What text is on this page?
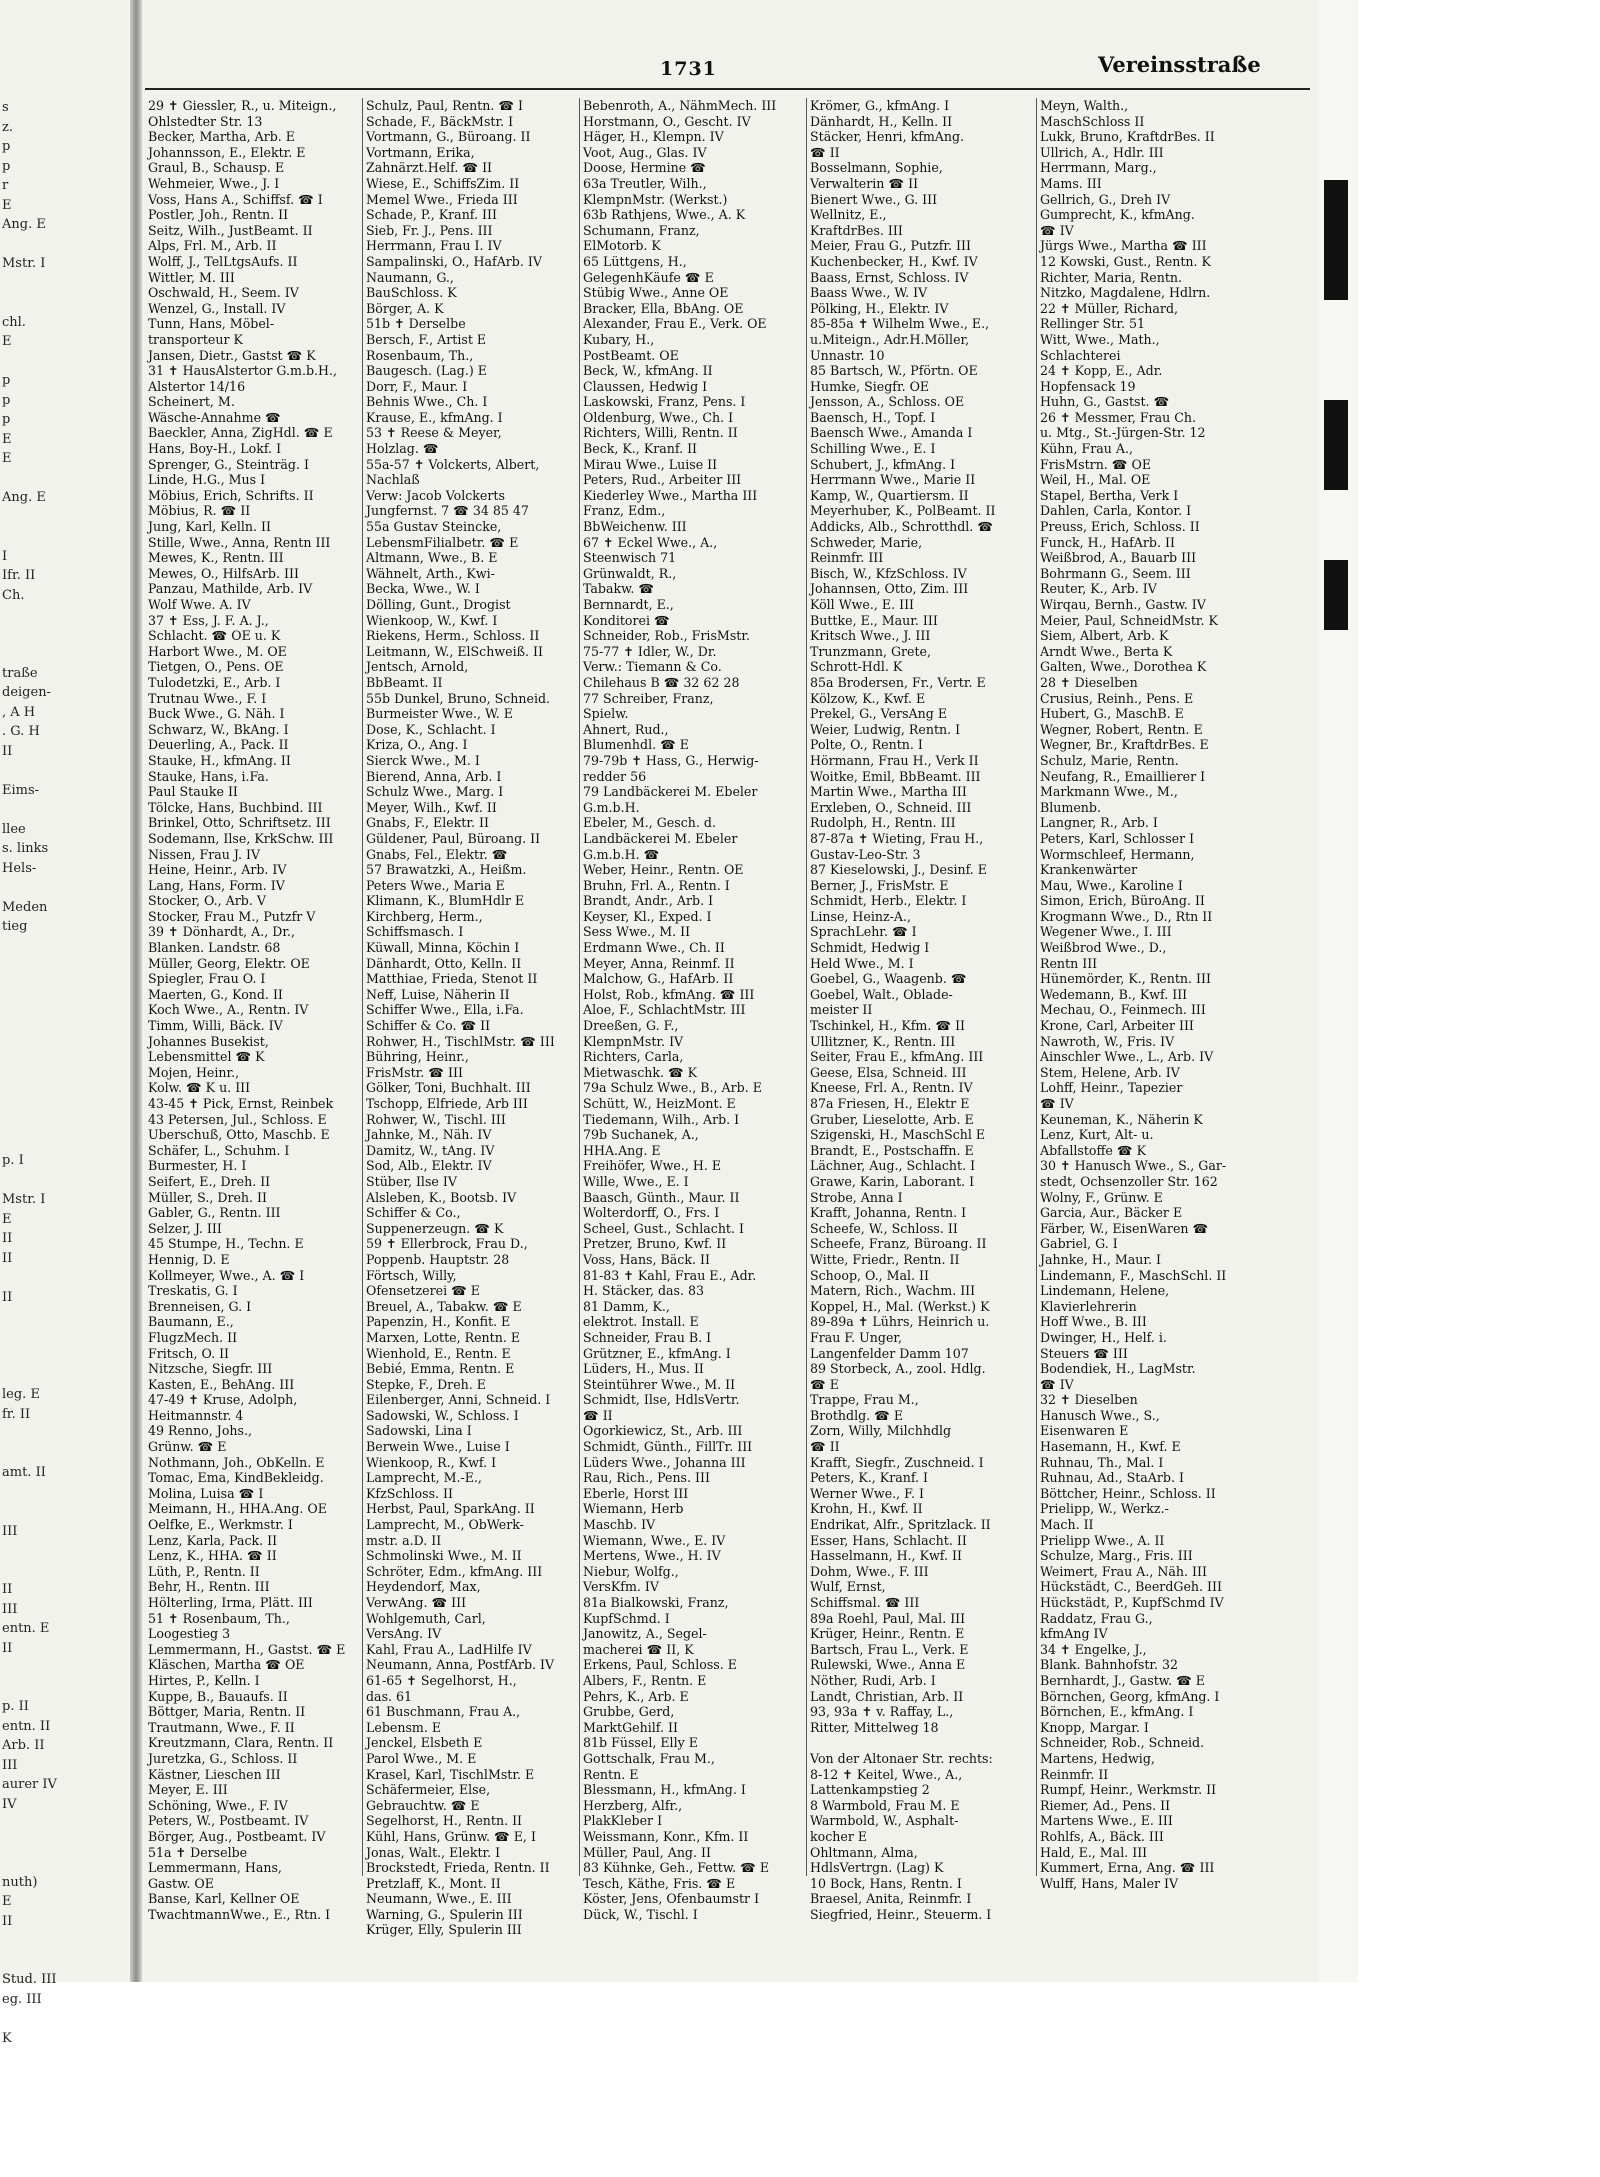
s
z.
p
p
r
E
Ang. E
Mstr. I
chl.
E
p
p
p
E
E
Ang. E
I
Ifr. II
Ch.
traße
deigen-
, A H
. G. H
II
Eims-
llee
s. links
Hels-
Meden
tieg
p. I
Mstr. I
E
II
II
II
leg. E
fr. II
amt. II
III
II
III
entn. E
II
p. II
entn. II
Arb. II
III
aurer IV
IV
nuth)
E
II
Stud. III
eg. III
K
1731	Vereinsstraße
29 ✝ Giessler, R., u. Miteign.,
Ohlstedter Str. 13
Becker, Martha, Arb. E
Johannsson, E., Elektr. E
Graul, B., Schausp. E
Wehmeier, Wwe., J. I
Voss, Hans A., Schiffsf. ☎ I
Postler, Joh., Rentn. II
Seitz, Wilh., JustBeamt. II
Alps, Frl. M., Arb. II
Wolff, J., TelLtgsAufs. II
Wittler, M. III
Oschwald, H., Seem. IV
Wenzel, G., Install. IV
Tunn, Hans, Möbel-
transporteur K
Jansen, Dietr., Gastst ☎ K
31 ✝ HausAlstertor G.m.b.H.,
Alstertor 14/16
Scheinert, M.
Wäsche-Annahme ☎
Baeckler, Anna, ZigHdl. ☎ E
Hans, Boy-H., Lokf. I
Sprenger, G., Steinträg. I
Linde, H.G., Mus I
Möbius, Erich, Schrifts. II
Möbius, R. ☎ II
Jung, Karl, Kelln. II
Stille, Wwe., Anna, Rentn III
Mewes, K., Rentn. III
Mewes, O., HilfsArb. III
Panzau, Mathilde, Arb. IV
Wolf Wwe. A. IV
37 ✝ Ess, J. F. A. J.,
Schlacht. ☎ OE u. K
Harbort Wwe., M. OE
Tietgen, O., Pens. OE
Tulodetzki, E., Arb. I
Trutnau Wwe., F. I
Buck Wwe., G. Näh. I
Schwarz, W., BkAng. I
Deuerling, A., Pack. II
Stauke, H., kfmAng. II
Stauke, Hans, i.Fa.
Paul Stauke II
Tölcke, Hans, Buchbind. III
Brinkel, Otto, Schriftsetz. III
Sodemann, Ilse, KrkSchw. III
Nissen, Frau J. IV
Heine, Heinr., Arb. IV
Lang, Hans, Form. IV
Stocker, O., Arb. V
Stocker, Frau M., Putzfr V
39 ✝ Dönhardt, A., Dr.,
Blanken. Landstr. 68
Müller, Georg, Elektr. OE
Spiegler, Frau O. I
Maerten, G., Kond. II
Koch Wwe., A., Rentn. IV
Timm, Willi, Bäck. IV
Johannes Busekist,
Lebensmittel ☎ K
Mojen, Heinr.,
Kolw. ☎ K u. III
43-45 ✝ Pick, Ernst, Reinbek
43 Petersen, Jul., Schloss. E
Uberschuß, Otto, Maschb. E
Schäfer, L., Schuhm. I
Burmester, H. I
Seifert, E., Dreh. II
Müller, S., Dreh. II
Gabler, G., Rentn. III
Selzer, J. III
45 Stumpe, H., Techn. E
Hennig, D. E
Kollmeyer, Wwe., A. ☎ I
Treskatis, G. I
Brenneisen, G. I
Baumann, E.,
FlugzMech. II
Fritsch, O. II
Nitzsche, Siegfr. III
Kasten, E., BehAng. III
47-49 ✝ Kruse, Adolph,
Heitmannstr. 4
49 Renno, Johs.,
Grünw. ☎ E
Nothmann, Joh., ObKelln. E
Tomac, Ema, KindBekleidg.
Molina, Luisa ☎ I
Meimann, H., HHA.Ang. OE
Oelfke, E., Werkmstr. I
Lenz, Karla, Pack. II
Lenz, K., HHA. ☎ II
Lüth, P., Rentn. II
Behr, H., Rentn. III
Hölterling, Irma, Plätt. III
51 ✝ Rosenbaum, Th.,
Loogestieg 3
Lemmermann, H., Gastst. ☎ E
Kläschen, Martha ☎ OE
Hirtes, P., Kelln. I
Kuppe, B., Bauaufs. II
Böttger, Maria, Rentn. II
Trautmann, Wwe., F. II
Kreutzmann, Clara, Rentn. II
Juretzka, G., Schloss. II
Kästner, Lieschen III
Meyer, E. III
Schöning, Wwe., F. IV
Peters, W., Postbeamt. IV
Börger, Aug., Postbeamt. IV
51a ✝ Derselbe
Lemmermann, Hans,
Gastw. OE
Banse, Karl, Kellner OE
TwachtmannWwe., E., Rtn. I
Schulz, Paul, Rentn. ☎ I
Schade, F., BäckMstr. I
Vortmann, G., Büroang. II
Vortmann, Erika,
Zahnärzt.Helf. ☎ II
Wiese, E., SchiffsZim. II
Memel Wwe., Frieda III
Schade, P., Kranf. III
Sieb, Fr. J., Pens. III
Herrmann, Frau I. IV
Sampalinski, O., HafArb. IV
Naumann, G.,
BauSchloss. K
Börger, A. K
51b ✝ Derselbe
Bersch, F., Artist E
Rosenbaum, Th.,
Baugesch. (Lag.) E
Dorr, F., Maur. I
Behnis Wwe., Ch. I
Krause, E., kfmAng. I
53 ✝ Reese & Meyer,
Holzlag. ☎
55a-57 ✝ Volckerts, Albert,
Nachlaß
Verw: Jacob Volckerts
Jungfernst. 7 ☎ 34 85 47
55a Gustav Steincke,
LebensmFilialbetr. ☎ E
Altmann, Wwe., B. E
Wähnelt, Arth., Kwi-
Becka, Wwe., W. I
Dölling, Gunt., Drogist
Wienkoop, W., Kwf. I
Riekens, Herm., Schloss. II
Leitmann, W., ElSchweiß. II
Jentsch, Arnold,
BbBeamt. II
55b Dunkel, Bruno, Schneid.
Burmeister Wwe., W. E
Dose, K., Schlacht. I
Kriza, O., Ang. I
Sierck Wwe., M. I
Bierend, Anna, Arb. I
Schulz Wwe., Marg. I
Meyer, Wilh., Kwf. II
Gnabs, F., Elektr. II
Güldener, Paul, Büroang. II
Gnabs, Fel., Elektr. ☎
57 Brawatzki, A., Heißm.
Peters Wwe., Maria E
Klimann, K., BlumHdlr E
Kirchberg, Herm.,
Schiffsmasch. I
Küwall, Minna, Köchin I
Dänhardt, Otto, Kelln. II
Matthiae, Frieda, Stenot II
Neff, Luise, Näherin II
Schiffer Wwe., Ella, i.Fa.
Schiffer & Co. ☎ II
Rohwer, H., TischlMstr. ☎ III
Bühring, Heinr.,
FrisMstr. ☎ III
Gölker, Toni, Buchhalt. III
Tschopp, Elfriede, Arb III
Rohwer, W., Tischl. III
Jahnke, M., Näh. IV
Damitz, W., tAng. IV
Sod, Alb., Elektr. IV
Stüber, Ilse IV
Alsleben, K., Bootsb. IV
Schiffer & Co.,
Suppenerzeugn. ☎ K
59 ✝ Ellerbrock, Frau D.,
Poppenb. Hauptstr. 28
Förtsch, Willy,
Ofensetzerei ☎ E
Breuel, A., Tabakw. ☎ E
Papenzin, H., Konfit. E
Marxen, Lotte, Rentn. E
Wienhold, E., Rentn. E
Bebié, Emma, Rentn. E
Stepke, F., Dreh. E
Eilenberger, Anni, Schneid. I
Sadowski, W., Schloss. I
Sadowski, Lina I
Berwein Wwe., Luise I
Wienkoop, R., Kwf. I
Lamprecht, M.-E.,
KfzSchloss. II
Herbst, Paul, SparkAng. II
Lamprecht, M., ObWerk-
mstr. a.D. II
Schmolinski Wwe., M. II
Schröter, Edm., kfmAng. III
Heydendorf, Max,
VerwAng. ☎ III
Wohlgemuth, Carl,
VersAng. IV
Kahl, Frau A., LadHilfe IV
Neumann, Anna, PostfArb. IV
61-65 ✝ Segelhorst, H.,
das. 61
61 Buschmann, Frau A.,
Lebensm. E
Jenckel, Elsbeth E
Parol Wwe., M. E
Krasel, Karl, TischlMstr. E
Schäfermeier, Else,
Gebrauchtw. ☎ E
Segelhorst, H., Rentn. II
Kühl, Hans, Grünw. ☎ E, I
Jonas, Walt., Elektr. I
Brockstedt, Frieda, Rentn. II
Pretzlaff, K., Mont. II
Neumann, Wwe., E. III
Warning, G., Spulerin III
Krüger, Elly, Spulerin III
Bebenroth, A., NähmMech. III
Horstmann, O., Gescht. IV
Häger, H., Klempn. IV
Voot, Aug., Glas. IV
Doose, Hermine ☎
63a Treutler, Wilh.,
KlempnMstr. (Werkst.)
63b Rathjens, Wwe., A. K
Schumann, Franz,
ElMotorb. K
65 Lüttgens, H.,
GelegenhKäufe ☎ E
Stübig Wwe., Anne OE
Bracker, Ella, BbAng. OE
Alexander, Frau E., Verk. OE
Kubary, H.,
PostBeamt. OE
Beck, W., kfmAng. II
Claussen, Hedwig I
Laskowski, Franz, Pens. I
Oldenburg, Wwe., Ch. I
Richters, Willi, Rentn. II
Beck, K., Kranf. II
Mirau Wwe., Luise II
Peters, Rud., Arbeiter III
Kiederley Wwe., Martha III
Franz, Edm.,
BbWeichenw. III
67 ✝ Eckel Wwe., A.,
Steenwisch 71
Grünwaldt, R.,
Tabakw. ☎
Bernnardt, E.,
Konditorei ☎
Schneider, Rob., FrisMstr.
75-77 ✝ Idler, W., Dr.
Verw.: Tiemann & Co.
Chilehaus B ☎ 32 62 28
77 Schreiber, Franz,
Spielw.
Ahnert, Rud.,
Blumenhdl. ☎ E
79-79b ✝ Hass, G., Herwig-
redder 56
79 Landbäckerei M. Ebeler
G.m.b.H.
Ebeler, M., Gesch. d.
Landbäckerei M. Ebeler
G.m.b.H. ☎
Weber, Heinr., Rentn. OE
Bruhn, Frl. A., Rentn. I
Brandt, Andr., Arb. I
Keyser, Kl., Exped. I
Sess Wwe., M. II
Erdmann Wwe., Ch. II
Meyer, Anna, Reinmf. II
Malchow, G., HafArb. II
Holst, Rob., kfmAng. ☎ III
Aloe, F., SchlachtMstr. III
Dreeßen, G. F.,
KlempnMstr. IV
Richters, Carla,
Mietwaschk. ☎ K
79a Schulz Wwe., B., Arb. E
Schütt, W., HeizMont. E
Tiedemann, Wilh., Arb. I
79b Suchanek, A.,
HHA.Ang. E
Freihöfer, Wwe., H. E
Wille, Wwe., E. I
Baasch, Günth., Maur. II
Wolterdorff, O., Frs. I
Scheel, Gust., Schlacht. I
Pretzer, Bruno, Kwf. II
Voss, Hans, Bäck. II
81-83 ✝ Kahl, Frau E., Adr.
H. Stäcker, das. 83
81 Damm, K.,
elektrot. Install. E
Schneider, Frau B. I
Grützner, E., kfmAng. I
Lüders, H., Mus. II
Steintührer Wwe., M. II
Schmidt, Ilse, HdlsVertr.
☎ II
Ogorkiewicz, St., Arb. III
Schmidt, Günth., FillTr. III
Lüders Wwe., Johanna III
Rau, Rich., Pens. III
Eberle, Horst III
Wiemann, Herb
Maschb. IV
Wiemann, Wwe., E. IV
Mertens, Wwe., H. IV
Niebur, Wolfg.,
VersKfm. IV
81a Bialkowski, Franz,
KupfSchmd. I
Janowitz, A., Segel-
macherei ☎ II, K
Erkens, Paul, Schloss. E
Albers, F., Rentn. E
Pehrs, K., Arb. E
Grubbe, Gerd,
MarktGehilf. II
81b Füssel, Elly E
Gottschalk, Frau M.,
Rentn. E
Blessmann, H., kfmAng. I
Herzberg, Alfr.,
PlakKleber I
Weissmann, Konr., Kfm. II
Müller, Paul, Ang. II
83 Kühnke, Geh., Fettw. ☎ E
Tesch, Käthe, Fris. ☎ E
Köster, Jens, Ofenbaumstr I
Dück, W., Tischl. I
Krömer, G., kfmAng. I
Dänhardt, H., Kelln. II
Stäcker, Henri, kfmAng.
☎ II
Bosselmann, Sophie,
Verwalterin ☎ II
Bienert Wwe., G. III
Wellnitz, E.,
KraftdrBes. III
Meier, Frau G., Putzfr. III
Kuchenbecker, H., Kwf. IV
Baass, Ernst, Schloss. IV
Baass Wwe., W. IV
Pölking, H., Elektr. IV
85-85a ✝ Wilhelm Wwe., E.,
u.Miteign., Adr.H.Möller,
Unnastr. 10
85 Bartsch, W., Pförtn. OE
Humke, Siegfr. OE
Jensson, A., Schloss. OE
Baensch, H., Topf. I
Baensch Wwe., Amanda I
Schilling Wwe., E. I
Schubert, J., kfmAng. I
Herrmann Wwe., Marie II
Kamp, W., Quartiersm. II
Meyerhuber, K., PolBeamt. II
Addicks, Alb., Schrotthdl. ☎
Schweder, Marie,
Reinmfr. III
Bisch, W., KfzSchloss. IV
Johannsen, Otto, Zim. III
Köll Wwe., E. III
Buttke, E., Maur. III
Kritsch Wwe., J. III
Trunzmann, Grete,
Schrott-Hdl. K
85a Brodersen, Fr., Vertr. E
Kölzow, K., Kwf. E
Prekel, G., VersAng E
Weier, Ludwig, Rentn. I
Polte, O., Rentn. I
Hörmann, Frau H., Verk II
Woitke, Emil, BbBeamt. III
Martin Wwe., Martha III
Erxleben, O., Schneid. III
Rudolph, H., Rentn. III
87-87a ✝ Wieting, Frau H.,
Gustav-Leo-Str. 3
87 Kieselowski, J., Desinf. E
Berner, J., FrisMstr. E
Schmidt, Herb., Elektr. I
Linse, Heinz-A.,
SprachLehr. ☎ I
Schmidt, Hedwig I
Held Wwe., M. I
Goebel, G., Waagenb. ☎
Goebel, Walt., Oblade-
meister II
Tschinkel, H., Kfm. ☎ II
Ullitzner, K., Rentn. III
Seiter, Frau E., kfmAng. III
Geese, Elsa, Schneid. III
Kneese, Frl. A., Rentn. IV
87a Friesen, H., Elektr E
Gruber, Lieselotte, Arb. E
Szigenski, H., MaschSchl E
Brandt, E., Postschaffn. E
Lächner, Aug., Schlacht. I
Grawe, Karin, Laborant. I
Strobe, Anna I
Krafft, Johanna, Rentn. I
Scheefe, W., Schloss. II
Scheefe, Franz, Büroang. II
Witte, Friedr., Rentn. II
Schoop, O., Mal. II
Matern, Rich., Wachm. III
Koppel, H., Mal. (Werkst.) K
89-89a ✝ Lührs, Heinrich u.
Frau F. Unger,
Langenfelder Damm 107
89 Storbeck, A., zool. Hdlg.
☎ E
Trappe, Frau M.,
Brothdlg. ☎ E
Zorn, Willy, Milchhdlg
☎ II
Krafft, Siegfr., Zuschneid. I
Peters, K., Kranf. I
Werner Wwe., F. I
Krohn, H., Kwf. II
Endrikat, Alfr., Spritzlack. II
Esser, Hans, Schlacht. II
Hasselmann, H., Kwf. II
Dohm, Wwe., F. III
Wulf, Ernst,
Schiffsmal. ☎ III
89a Roehl, Paul, Mal. III
Krüger, Heinr., Rentn. E
Bartsch, Frau L., Verk. E
Rulewski, Wwe., Anna E
Nöther, Rudi, Arb. I
Landt, Christian, Arb. II
93, 93a ✝ v. Raffay, L.,
Ritter, Mittelweg 18

Von der Altonaer Str. rechts:
8-12 ✝ Keitel, Wwe., A.,
Lattenkampstieg 2
8 Warmbold, Frau M. E
Warmbold, W., Asphalt-
kocher E
Ohltmann, Alma,
HdlsVertrgn. (Lag) K
10 Bock, Hans, Rentn. I
Braesel, Anita, Reinmfr. I
Siegfried, Heinr., Steuerm. I
Meyn, Walth.,
MaschSchloss II
Lukk, Bruno, KraftdrBes. II
Ullrich, A., Hdlr. III
Herrmann, Marg.,
Mams. III
Gellrich, G., Dreh IV
Gumprecht, K., kfmAng.
☎ IV
Jürgs Wwe., Martha ☎ III
12 Kowski, Gust., Rentn. K
Richter, Maria, Rentn.
Nitzko, Magdalene, Hdlrn.
22 ✝ Müller, Richard,
Rellinger Str. 51
Witt, Wwe., Math.,
Schlachterei
24 ✝ Kopp, E., Adr.
Hopfensack 19
Huhn, G., Gastst. ☎
26 ✝ Messmer, Frau Ch.
u. Mtg., St.-Jürgen-Str. 12
Kühn, Frau A.,
FrisMstrn. ☎ OE
Weil, H., Mal. OE
Stapel, Bertha, Verk I
Dahlen, Carla, Kontor. I
Preuss, Erich, Schloss. II
Funck, H., HafArb. II
Weißbrod, A., Bauarb III
Bohrmann G., Seem. III
Reuter, K., Arb. IV
Wirqau, Bernh., Gastw. IV
Meier, Paul, SchneidMstr. K
Siem, Albert, Arb. K
Arndt Wwe., Berta K
Galten, Wwe., Dorothea K
28 ✝ Dieselben
Crusius, Reinh., Pens. E
Hubert, G., MaschB. E
Wegner, Robert, Rentn. E
Wegner, Br., KraftdrBes. E
Schulz, Marie, Rentn.
Neufang, R., Emaillierer I
Markmann Wwe., M.,
Blumenb.
Langner, R., Arb. I
Peters, Karl, Schlosser I
Wormschleef, Hermann,
Krankenwärter
Mau, Wwe., Karoline I
Simon, Erich, BüroAng. II
Krogmann Wwe., D., Rtn II
Wegener Wwe., I. III
Weißbrod Wwe., D.,
Rentn III
Hünemörder, K., Rentn. III
Wedemann, B., Kwf. III
Mechau, O., Feinmech. III
Krone, Carl, Arbeiter III
Nawroth, W., Fris. IV
Ainschler Wwe., L., Arb. IV
Stem, Helene, Arb. IV
Lohff, Heinr., Tapezier
☎ IV
Keuneman, K., Näherin K
Lenz, Kurt, Alt- u.
Abfallstoffe ☎ K
30 ✝ Hanusch Wwe., S., Gar-
stedt, Ochsenzoller Str. 162
Wolny, F., Grünw. E
Garcia, Aur., Bäcker E
Färber, W., EisenWaren ☎
Gabriel, G. I
Jahnke, H., Maur. I
Lindemann, F., MaschSchl. II
Lindemann, Helene,
Klavierlehrerin
Hoff Wwe., B. III
Dwinger, H., Helf. i.
Steuers ☎ III
Bodendiek, H., LagMstr.
☎ IV
32 ✝ Dieselben
Hanusch Wwe., S.,
Eisenwaren E
Hasemann, H., Kwf. E
Ruhnau, Th., Mal. I
Ruhnau, Ad., StaArb. I
Böttcher, Heinr., Schloss. II
Prielipp, W., Werkz.-
Mach. II
Prielipp Wwe., A. II
Schulze, Marg., Fris. III
Weimert, Frau A., Näh. III
Hückstädt, C., BeerdGeh. III
Hückstädt, P., KupfSchmd IV
Raddatz, Frau G.,
kfmAng IV
34 ✝ Engelke, J.,
Blank. Bahnhofstr. 32
Bernhardt, J., Gastw. ☎ E
Börnchen, Georg, kfmAng. I
Börnchen, E., kfmAng. I
Knopp, Margar. I
Schneider, Rob., Schneid.
Martens, Hedwig,
Reinmfr. II
Rumpf, Heinr., Werkmstr. II
Riemer, Ad., Pens. II
Martens Wwe., E. III
Rohlfs, A., Bäck. III
Hald, E., Mal. III
Kummert, Erna, Ang. ☎ III
Wulff, Hans, Maler IV
